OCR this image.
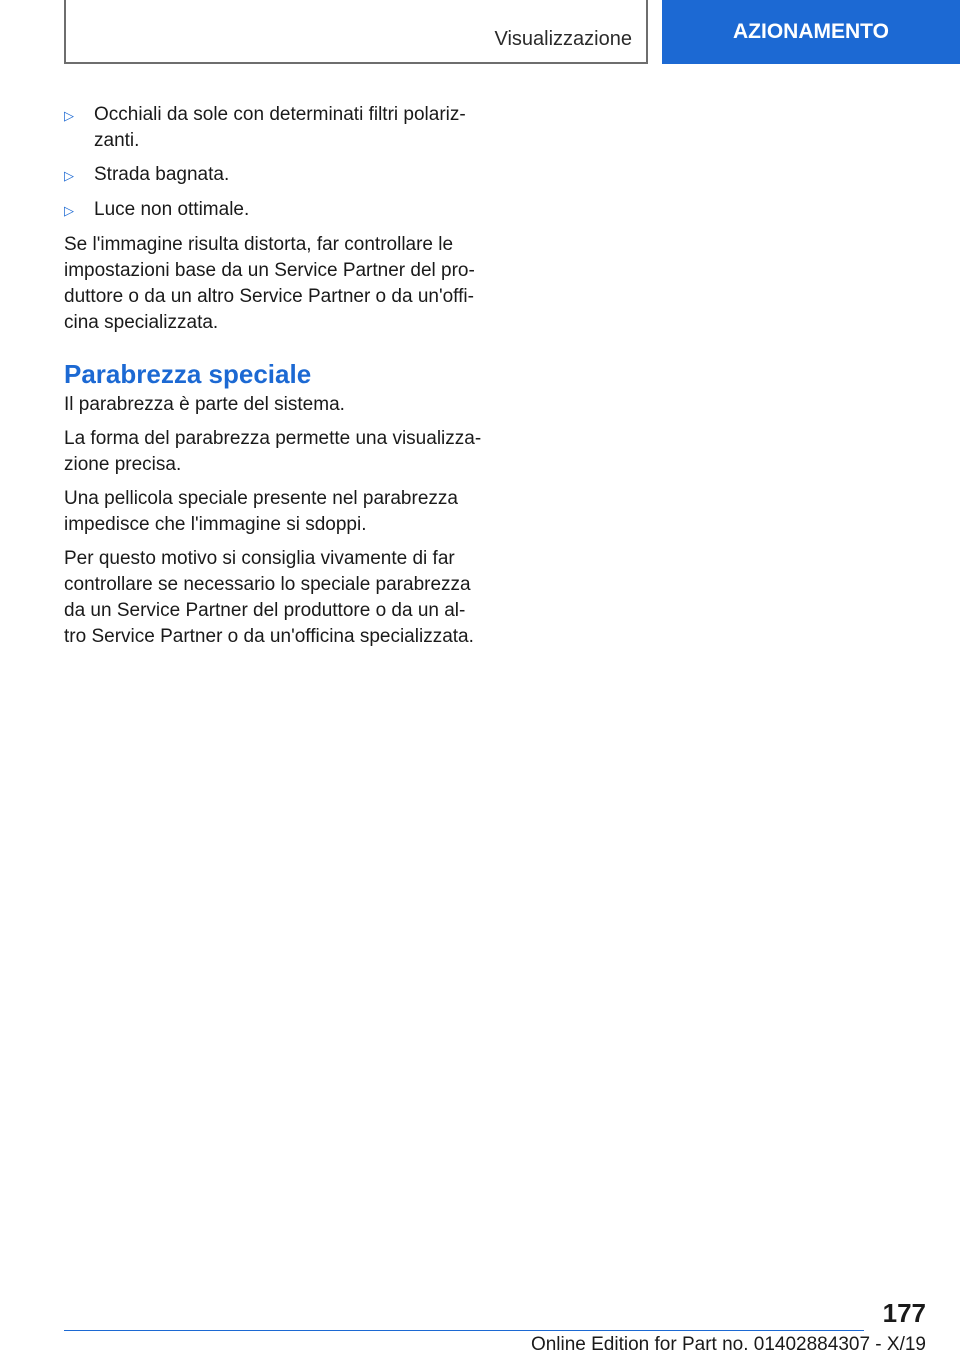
Visualizzazione	AZIONAMENTO
▷	Occhiali da sole con determinati filtri polariz‐zanti.
▷	Strada bagnata.
▷	Luce non ottimale.

Se l'immagine risulta distorta, far controllare le impostazioni base da un Service Partner del pro‐duttore o da un altro Service Partner o da un'offi‐cina specializzata.

Parabrezza speciale

Il parabrezza è parte del sistema.

La forma del parabrezza permette una visualizza‐zione precisa.

Una pellicola speciale presente nel parabrezza impedisce che l'immagine si sdoppi.

Per questo motivo si consiglia vivamente di far controllare se necessario lo speciale parabrezza da un Service Partner del produttore o da un al‐tro Service Partner o da un'officina specializzata.

177
Online Edition for Part no. 01402884307 - X/19
